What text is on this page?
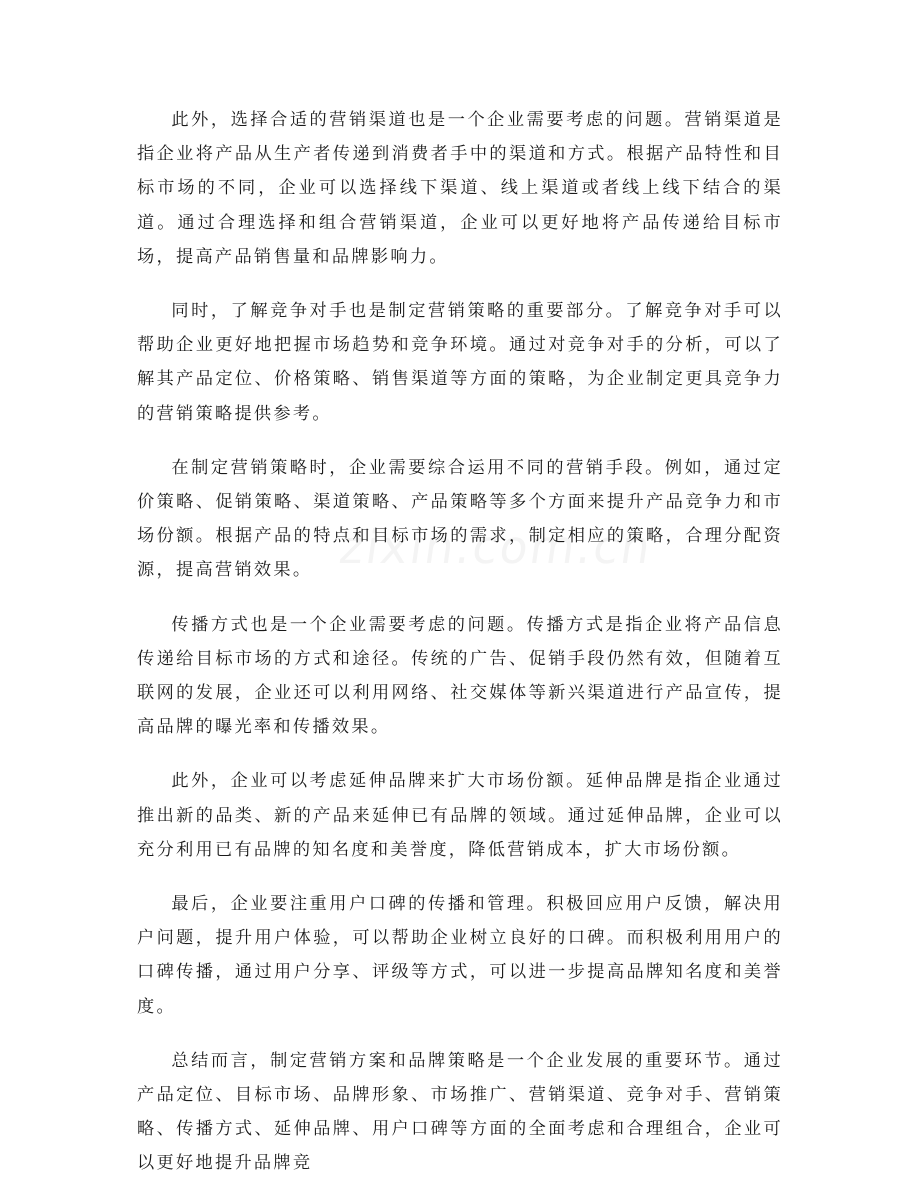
此外，选择合适的营销渠道也是一个企业需要考虑的问题。营销渠道是指企业将产品从生产者传递到消费者手中的渠道和方式。根据产品特性和目标市场的不同，企业可以选择线下渠道、线上渠道或者线上线下结合的渠道。通过合理选择和组合营销渠道，企业可以更好地将产品传递给目标市场，提高产品销售量和品牌影响力。

同时，了解竞争对手也是制定营销策略的重要部分。了解竞争对手可以帮助企业更好地把握市场趋势和竞争环境。通过对竞争对手的分析，可以了解其产品定位、价格策略、销售渠道等方面的策略，为企业制定更具竞争力的营销策略提供参考。

在制定营销策略时，企业需要综合运用不同的营销手段。例如，通过定价策略、促销策略、渠道策略、产品策略等多个方面来提升产品竞争力和市场份额。根据产品的特点和目标市场的需求，制定相应的策略，合理分配资源，提高营销效果。

传播方式也是一个企业需要考虑的问题。传播方式是指企业将产品信息传递给目标市场的方式和途径。传统的广告、促销手段仍然有效，但随着互联网的发展，企业还可以利用网络、社交媒体等新兴渠道进行产品宣传，提高品牌的曝光率和传播效果。

此外，企业可以考虑延伸品牌来扩大市场份额。延伸品牌是指企业通过推出新的品类、新的产品来延伸已有品牌的领域。通过延伸品牌，企业可以充分利用已有品牌的知名度和美誉度，降低营销成本，扩大市场份额。

最后，企业要注重用户口碑的传播和管理。积极回应用户反馈，解决用户问题，提升用户体验，可以帮助企业树立良好的口碑。而积极利用用户的口碑传播，通过用户分享、评级等方式，可以进一步提高品牌知名度和美誉度。

总结而言，制定营销方案和品牌策略是一个企业发展的重要环节。通过产品定位、目标市场、品牌形象、市场推广、营销渠道、竞争对手、营销策略、传播方式、延伸品牌、用户口碑等方面的全面考虑和合理组合，企业可以更好地提升品牌竞
